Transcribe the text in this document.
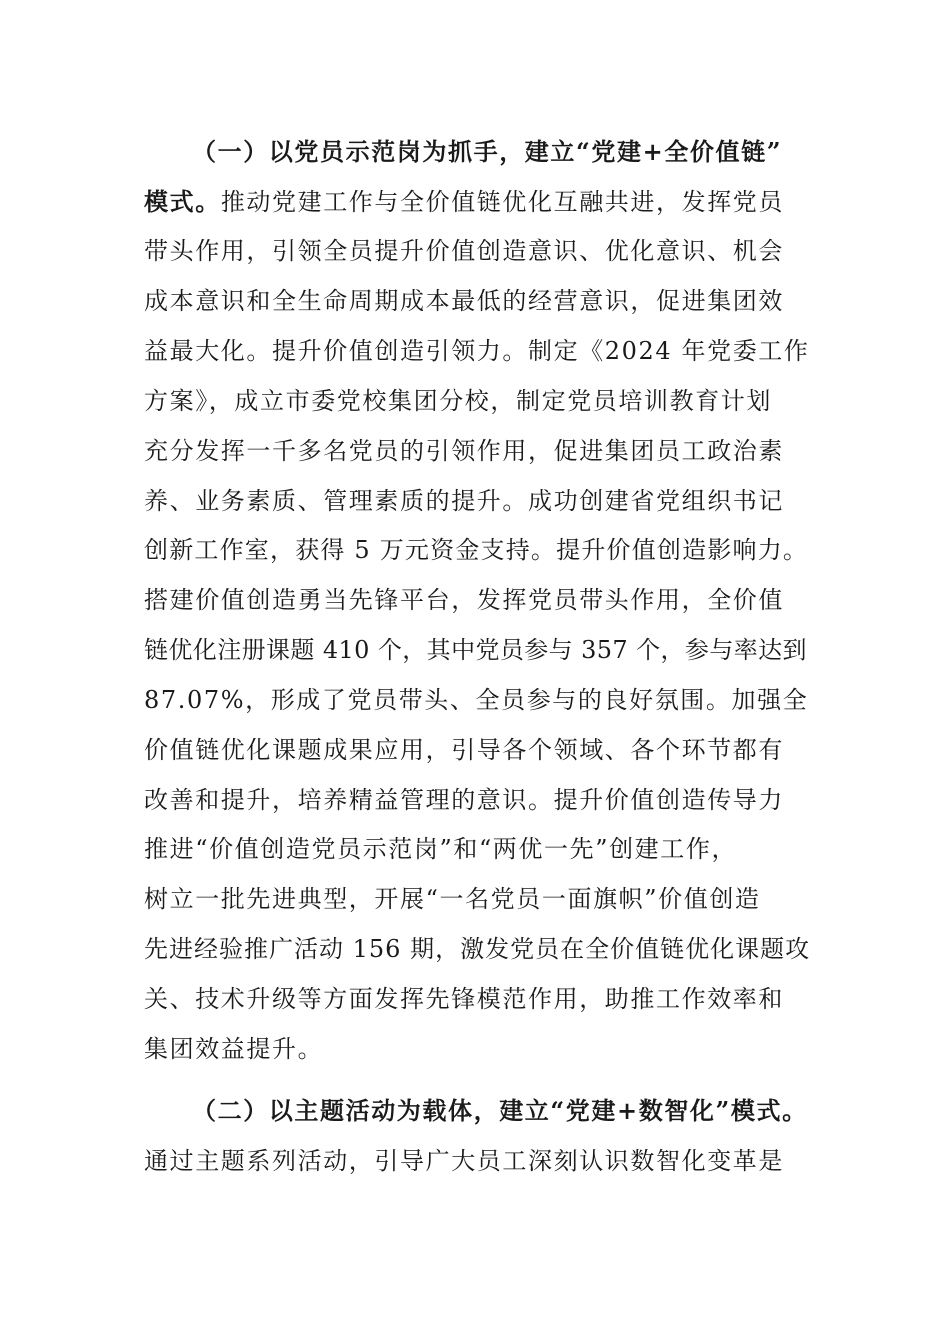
（一）以党员示范岗为抓手，建立“党建+全价值链”
模式。推动党建工作与全价值链优化互融共进，发挥党员
带头作用，引领全员提升价值创造意识、优化意识、机会
成本意识和全生命周期成本最低的经营意识，促进集团效
益最大化。提升价值创造引领力。制定《2024 年党委工作
方案》，成立市委党校集团分校，制定党员培训教育计划
充分发挥一千多名党员的引领作用，促进集团员工政治素
养、业务素质、管理素质的提升。成功创建省党组织书记
创新工作室，获得 5 万元资金支持。提升价值创造影响力。
搭建价值创造勇当先锋平台，发挥党员带头作用，全价值
链优化注册课题 410 个，其中党员参与 357 个，参与率达到
87.07%，形成了党员带头、全员参与的良好氛围。加强全
价值链优化课题成果应用，引导各个领域、各个环节都有
改善和提升，培养精益管理的意识。提升价值创造传导力
推进“价值创造党员示范岗”和“两优一先”创建工作，
树立一批先进典型，开展“一名党员一面旗帜”价值创造
先进经验推广活动 156 期，激发党员在全价值链优化课题攻
关、技术升级等方面发挥先锋模范作用，助推工作效率和
集团效益提升。
（二）以主题活动为载体，建立“党建+数智化”模式。
通过主题系列活动，引导广大员工深刻认识数智化变革是
